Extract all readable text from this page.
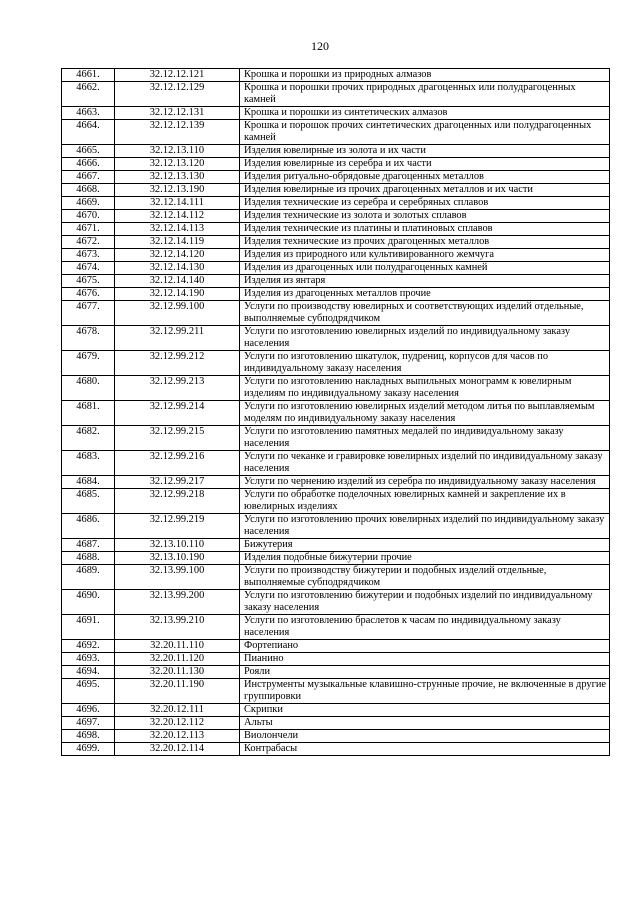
120
4661.	32.12.12.121	Крошка и порошки из природных алмазов
4662.	32.12.12.129	Крошка и порошки прочих природных драгоценных или полудрагоценных камней
4663.	32.12.12.131	Крошка и порошки из синтетических алмазов
4664.	32.12.12.139	Крошка и порошок прочих синтетических драгоценных или полудрагоценных камней
4665.	32.12.13.110	Изделия ювелирные из золота и их части
4666.	32.12.13.120	Изделия ювелирные из серебра и их части
4667.	32.12.13.130	Изделия ритуально-обрядовые драгоценных металлов
4668.	32.12.13.190	Изделия ювелирные из прочих драгоценных металлов и их части
4669.	32.12.14.111	Изделия технические из серебра и серебряных сплавов
4670.	32.12.14.112	Изделия технические из золота и золотых сплавов
4671.	32.12.14.113	Изделия технические из платины и платиновых сплавов
4672.	32.12.14.119	Изделия технические из прочих драгоценных металлов
4673.	32.12.14.120	Изделия из природного или культивированного жемчуга
4674.	32.12.14.130	Изделия из драгоценных или полудрагоценных камней
4675.	32.12.14.140	Изделия из янтаря
4676.	32.12.14.190	Изделия из драгоценных металлов прочие
4677.	32.12.99.100	Услуги по производству ювелирных и соответствующих изделий отдельные, выполняемые субподрядчиком
4678.	32.12.99.211	Услуги по изготовлению ювелирных изделий по индивидуальному заказу населения
4679.	32.12.99.212	Услуги по изготовлению шкатулок, пудрениц, корпусов для часов по индивидуальному заказу населения
4680.	32.12.99.213	Услуги по изготовлению накладных выпильных монограмм к ювелирным изделиям по индивидуальному заказу населения
4681.	32.12.99.214	Услуги по изготовлению ювелирных изделий методом литья по выплавляемым моделям по индивидуальному заказу населения
4682.	32.12.99.215	Услуги по изготовлению памятных медалей по индивидуальному заказу населения
4683.	32.12.99.216	Услуги по чеканке и гравировке ювелирных изделий по индивидуальному заказу населения
4684.	32.12.99.217	Услуги по чернению изделий из серебра по индивидуальному заказу населения
4685.	32.12.99.218	Услуги по обработке поделочных ювелирных камней и закрепление их в ювелирных изделиях
4686.	32.12.99.219	Услуги по изготовлению прочих ювелирных изделий по индивидуальному заказу населения
4687.	32.13.10.110	Бижутерия
4688.	32.13.10.190	Изделия подобные бижутерии прочие
4689.	32.13.99.100	Услуги по производству бижутерии и подобных изделий отдельные, выполняемые субподрядчиком
4690.	32.13.99.200	Услуги по изготовлению бижутерии и подобных изделий по индивидуальному заказу населения
4691.	32.13.99.210	Услуги по изготовлению браслетов к часам по индивидуальному заказу населения
4692.	32.20.11.110	Фортепиано
4693.	32.20.11.120	Пианино
4694.	32.20.11.130	Рояли
4695.	32.20.11.190	Инструменты музыкальные клавишно-струнные прочие, не включенные в другие группировки
4696.	32.20.12.111	Скрипки
4697.	32.20.12.112	Альты
4698.	32.20.12.113	Виолончели
4699.	32.20.12.114	Контрабасы
